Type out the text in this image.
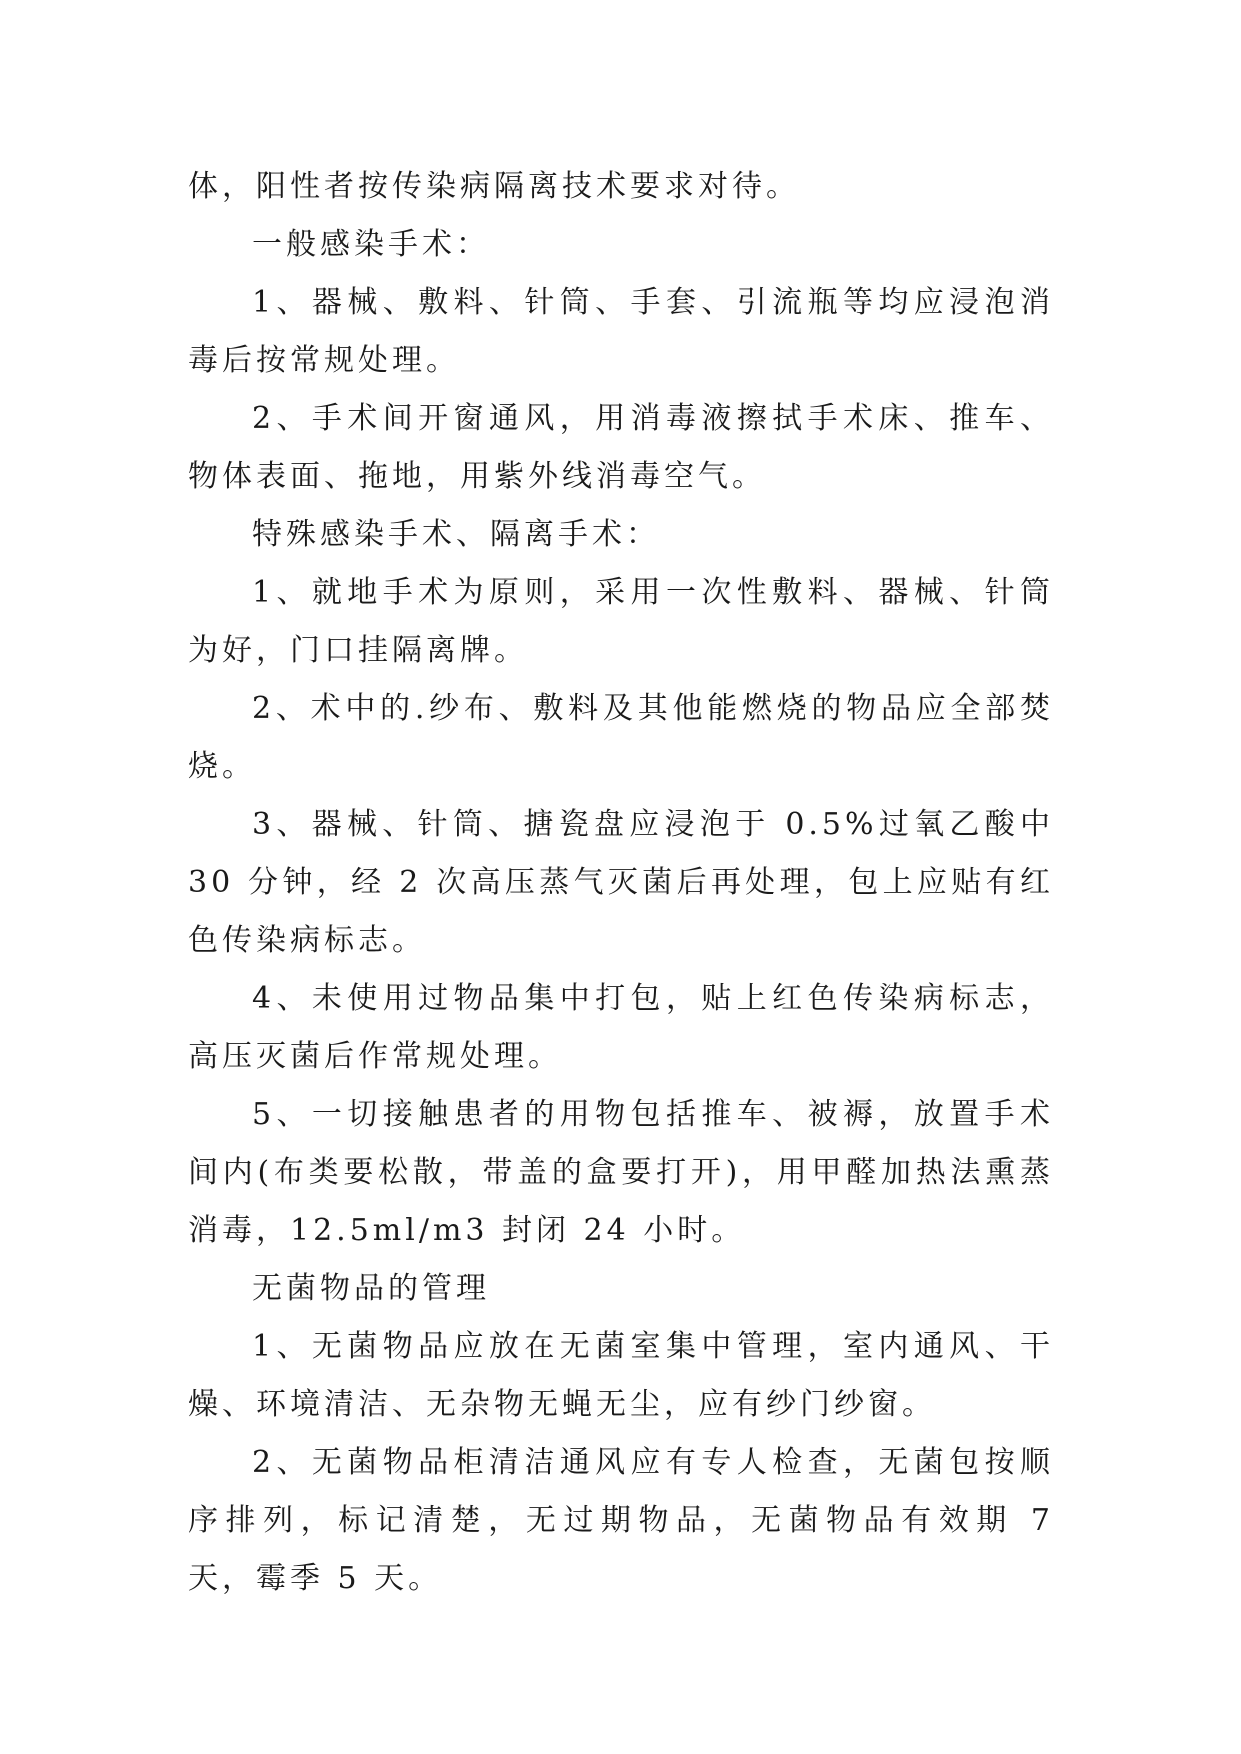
体，阳性者按传染病隔离技术要求对待。

一般感染手术：

1、器械、敷料、针筒、手套、引流瓶等均应浸泡消毒后按常规处理。

2、手术间开窗通风，用消毒液擦拭手术床、推车、物体表面、拖地，用紫外线消毒空气。

特殊感染手术、隔离手术：

1、就地手术为原则，采用一次性敷料、器械、针筒为好，门口挂隔离牌。

2、术中的.纱布、敷料及其他能燃烧的物品应全部焚烧。

3、器械、针筒、搪瓷盘应浸泡于 0.5%过氧乙酸中 30 分钟，经 2 次高压蒸气灭菌后再处理，包上应贴有红色传染病标志。

4、未使用过物品集中打包，贴上红色传染病标志，高压灭菌后作常规处理。

5、一切接触患者的用物包括推车、被褥，放置手术间内(布类要松散，带盖的盒要打开)，用甲醛加热法熏蒸消毒，12.5ml/m3 封闭 24 小时。

无菌物品的管理

1、无菌物品应放在无菌室集中管理，室内通风、干燥、环境清洁、无杂物无蝇无尘，应有纱门纱窗。

2、无菌物品柜清洁通风应有专人检查，无菌包按顺序排列，标记清楚，无过期物品，无菌物品有效期 7 天，霉季 5 天。
